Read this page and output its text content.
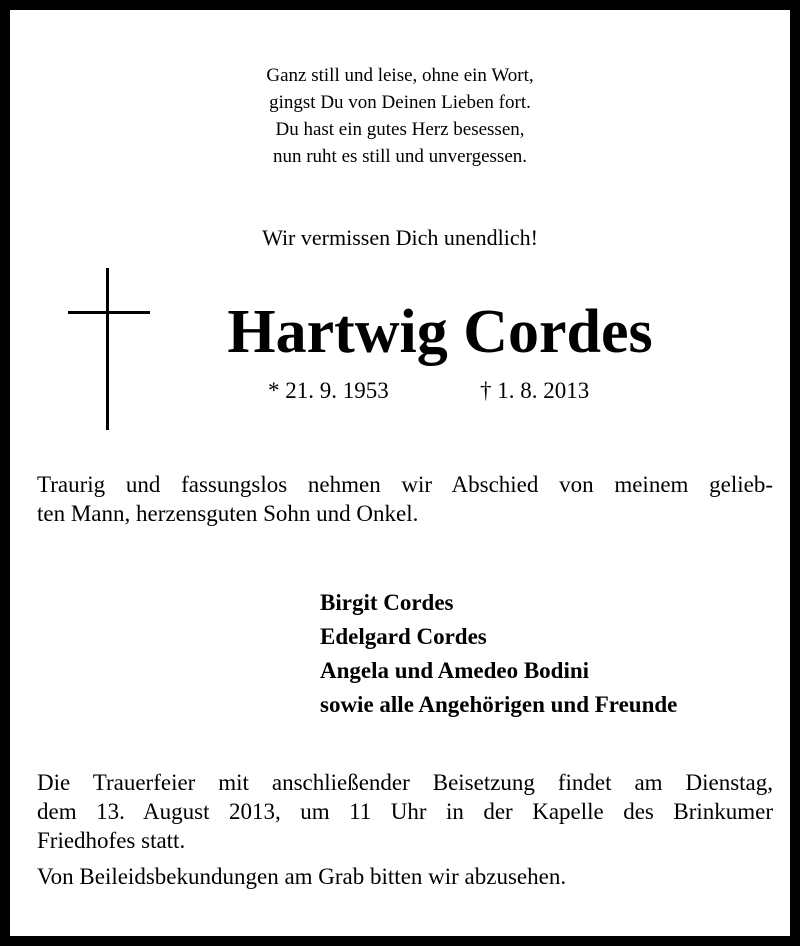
Ganz still und leise, ohne ein Wort,
gingst Du von Deinen Lieben fort.
Du hast ein gutes Herz besessen,
nun ruht es still und unvergessen.
Wir vermissen Dich unendlich!
Hartwig Cordes
* 21. 9. 1953	† 1. 8. 2013
Traurig und fassungslos nehmen wir Abschied von meinem gelieb-
ten Mann, herzensguten Sohn und Onkel.
Birgit Cordes
Edelgard Cordes
Angela und Amedeo Bodini
sowie alle Angehörigen und Freunde
Die Trauerfeier mit anschließender Beisetzung findet am Dienstag,
dem 13. August 2013, um 11 Uhr in der Kapelle des Brinkumer
Friedhofes statt.
Von Beileidsbekundungen am Grab bitten wir abzusehen.
